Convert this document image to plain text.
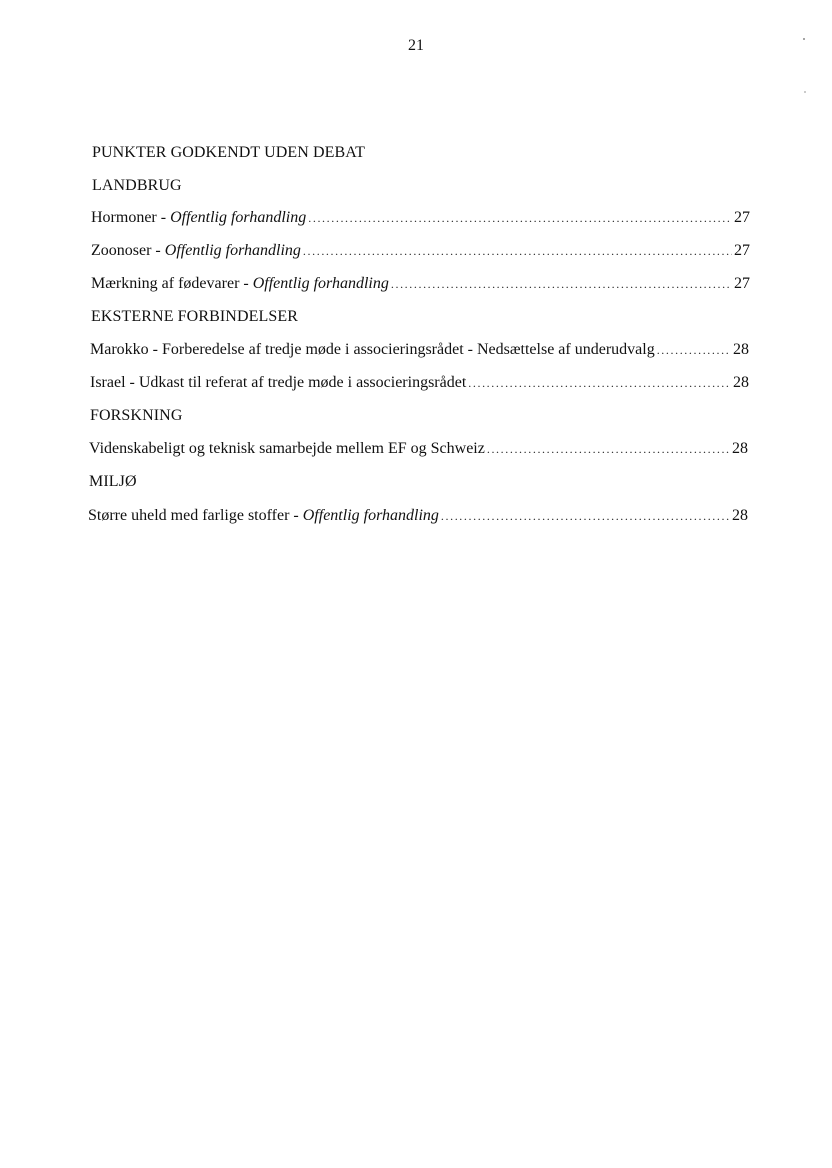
21
PUNKTER GODKENDT UDEN DEBAT
LANDBRUG
Hormoner - Offentlig forhandling .....	27
Zoonoser - Offentlig forhandling .....	27
Mærkning af fødevarer - Offentlig forhandling .....	27
EKSTERNE FORBINDELSER
Marokko - Forberedelse af tredje møde i associeringsrådet - Nedsættelse af underudvalg .....	28
Israel - Udkast til referat af tredje møde i associeringsrådet .....	28
FORSKNING
Videnskabeligt og teknisk samarbejde mellem EF og Schweiz .....	28
MILJØ
Større uheld med farlige stoffer - Offentlig forhandling .....	28
